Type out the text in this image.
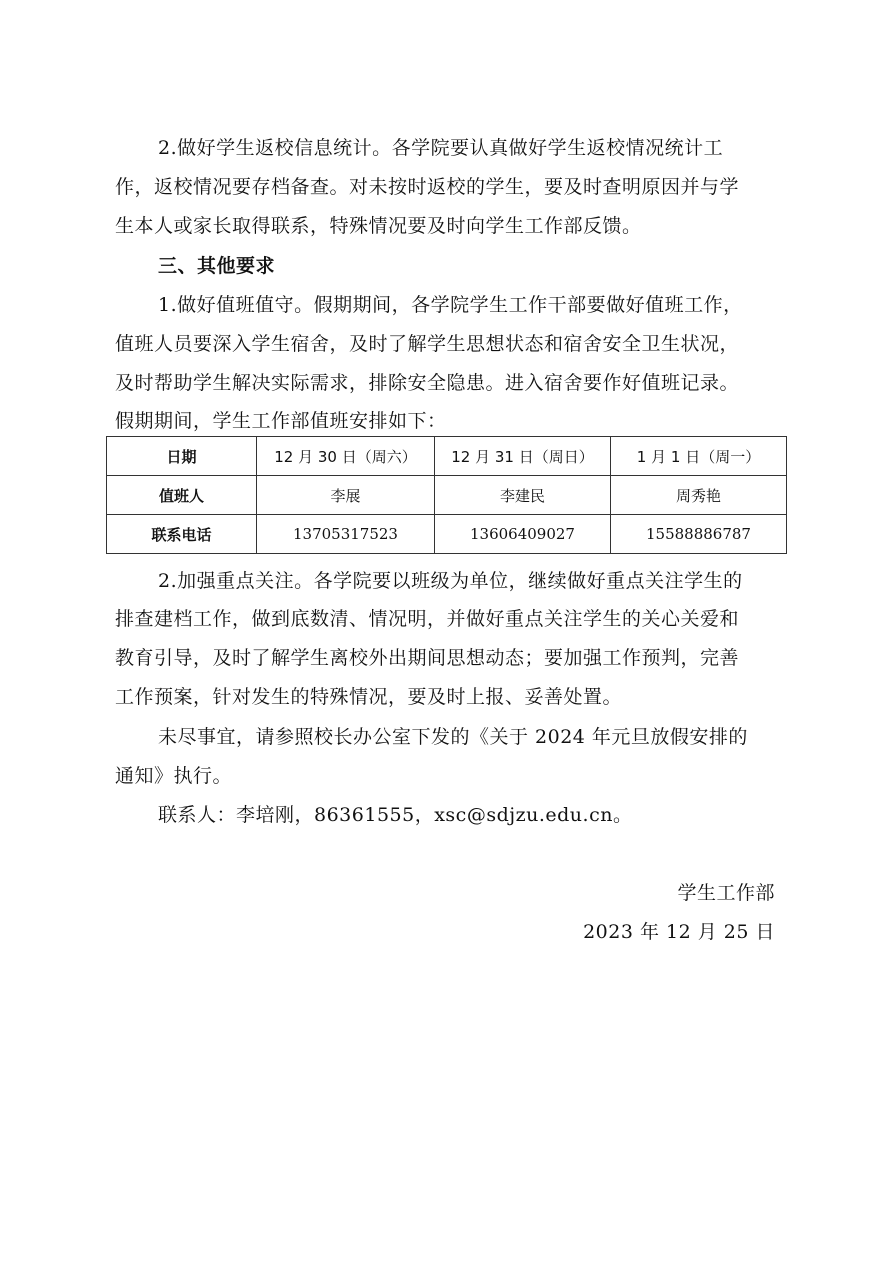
2.做好学生返校信息统计。各学院要认真做好学生返校情况统计工
作，返校情况要存档备查。对未按时返校的学生，要及时查明原因并与学
生本人或家长取得联系，特殊情况要及时向学生工作部反馈。
三、其他要求
1.做好值班值守。假期期间，各学院学生工作干部要做好值班工作，
值班人员要深入学生宿舍，及时了解学生思想状态和宿舍安全卫生状况，
及时帮助学生解决实际需求，排除安全隐患。进入宿舍要作好值班记录。
假期期间，学生工作部值班安排如下：
日期	12 月 30 日（周六）	12 月 31 日（周日）	1 月 1 日（周一）
值班人	李展	李建民	周秀艳
联系电话	13705317523	13606409027	15588886787
2.加强重点关注。各学院要以班级为单位，继续做好重点关注学生的
排查建档工作，做到底数清、情况明，并做好重点关注学生的关心关爱和
教育引导，及时了解学生离校外出期间思想动态；要加强工作预判，完善
工作预案，针对发生的特殊情况，要及时上报、妥善处置。
未尽事宜，请参照校长办公室下发的《关于 2024 年元旦放假安排的
通知》执行。
联系人：李培刚，86361555，xsc@sdjzu.edu.cn。
学生工作部
2023 年 12 月 25 日
